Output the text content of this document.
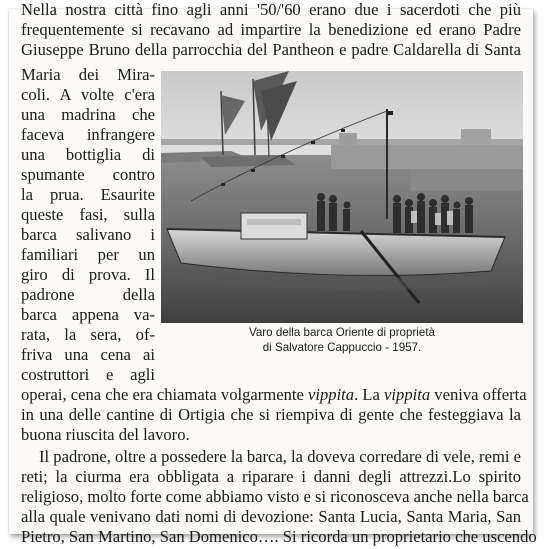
Nella nostra città fino agli anni '50/'60 erano due i sacerdoti che più
frequentemente si recavano ad impartire la benedizione ed erano Padre
Giuseppe Bruno della parrocchia del Pantheon e padre Caldarella di Santa
Maria dei Mira-
coli. A volte c'era
una madrina che
faceva infrangere
una bottiglia di
spumante contro
la prua. Esaurite
queste fasi, sulla
barca salivano i
familiari per un
giro di prova. Il
padrone della
barca appena va-
rata, la sera, of-
friva una cena ai
costruttori e agli
Varo della barca Oriente di proprietà
di Salvatore Cappuccio - 1957.
operai, cena che era chiamata volgarmente vippita. La vippita veniva offerta
in una delle cantine di Ortigia che si riempiva di gente che festeggiava la
buona riuscita del lavoro.
Il padrone, oltre a possedere la barca, la doveva corredare di vele, remi e
reti; la ciurma era obbligata a riparare i danni degli attrezzi.Lo spirito
religioso, molto forte come abbiamo visto e si riconosceva anche nella barca
alla quale venivano dati nomi di devozione: Santa Lucia, Santa Maria, San
Pietro, San Martino, San Domenico…. Si ricorda un proprietario che uscendo
